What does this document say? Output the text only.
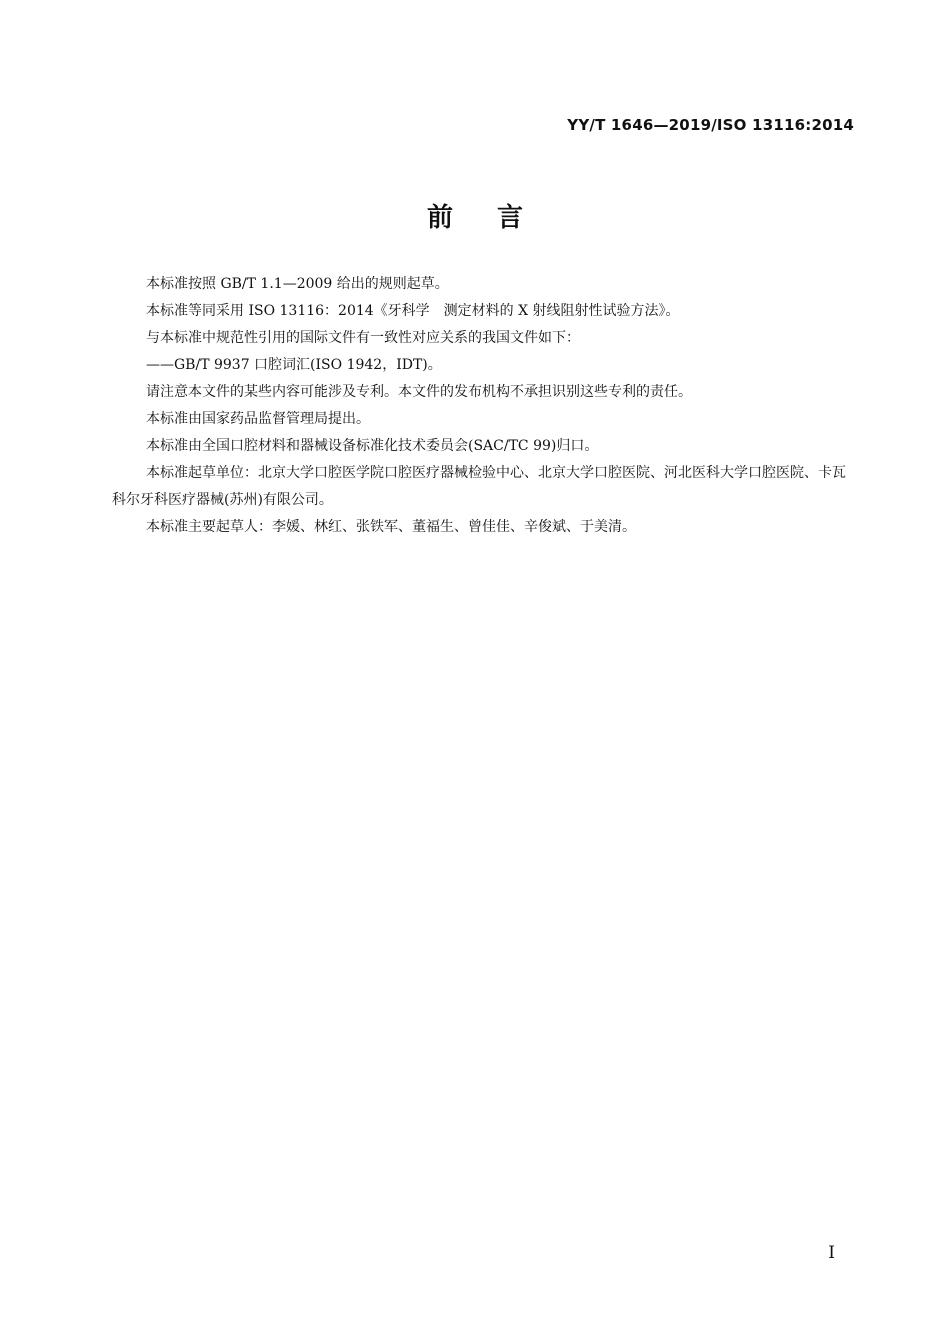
YY/T 1646—2019/ISO 13116:2014
前 言

本标准按照 GB/T 1.1—2009 给出的规则起草。

本标准等同采用 ISO 13116：2014《牙科学　测定材料的 X 射线阻射性试验方法》。

与本标准中规范性引用的国际文件有一致性对应关系的我国文件如下：

——GB/T 9937 口腔词汇(ISO 1942，IDT)。

请注意本文件的某些内容可能涉及专利。本文件的发布机构不承担识别这些专利的责任。

本标准由国家药品监督管理局提出。

本标准由全国口腔材料和器械设备标准化技术委员会(SAC/TC 99)归口。

本标准起草单位：北京大学口腔医学院口腔医疗器械检验中心、北京大学口腔医院、河北医科大学口腔医院、卡瓦科尔牙科医疗器械(苏州)有限公司。

本标准主要起草人：李媛、林红、张铁军、董福生、曾佳佳、辛俊斌、于美清。

I
